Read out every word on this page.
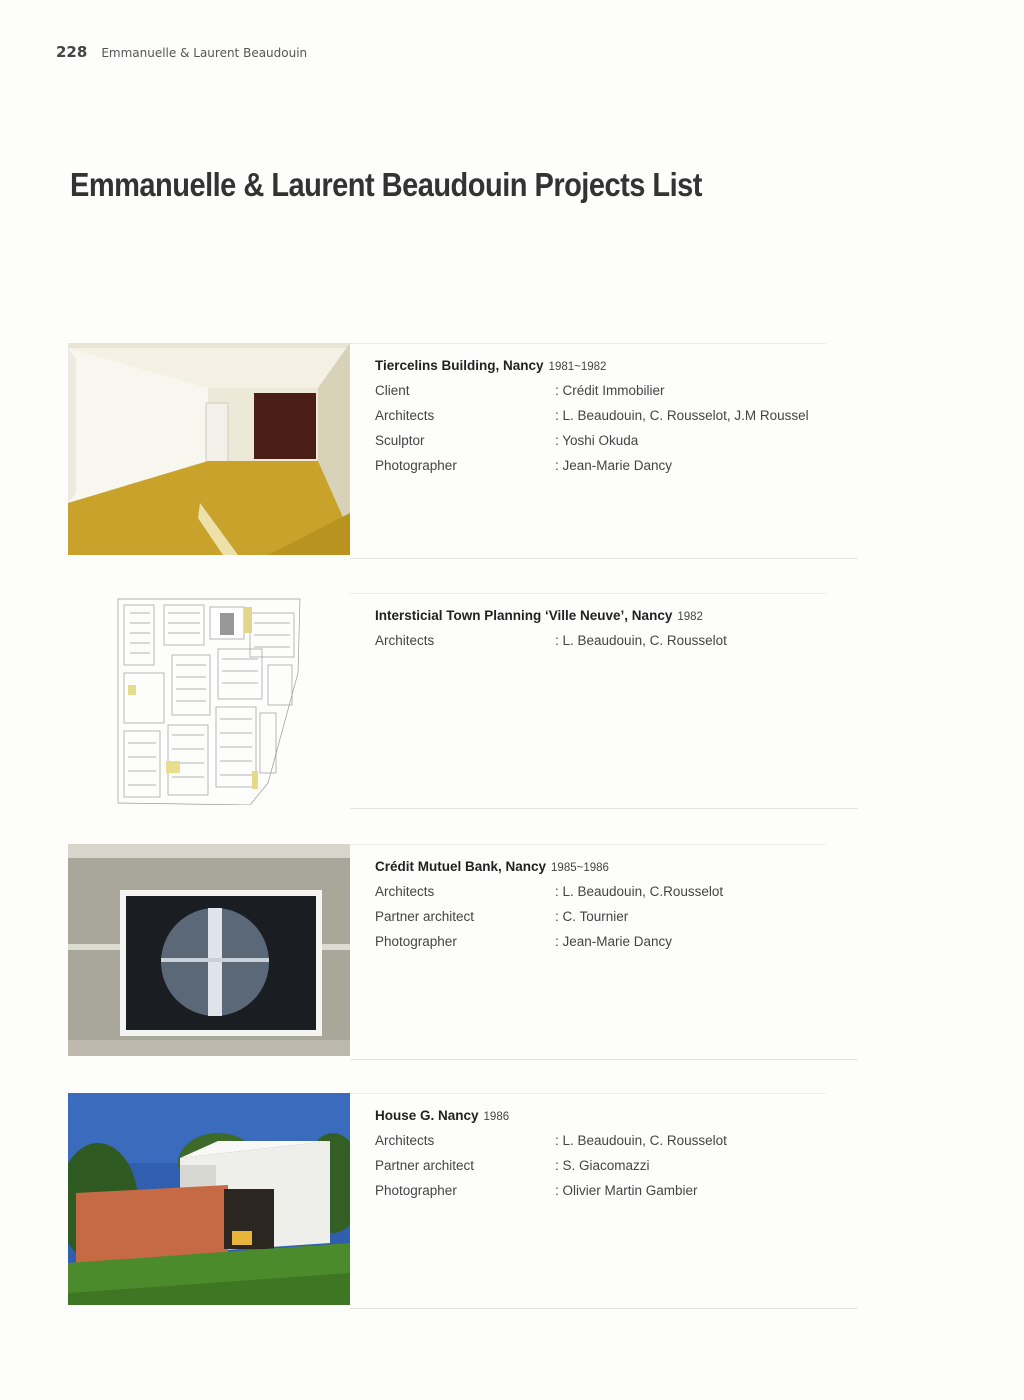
228 Emmanuelle & Laurent Beaudouin
Emmanuelle & Laurent Beaudouin Projects List
Tiercelins Building, Nancy 1981~1982
Client	: Crédit Immobilier
Architects	: L. Beaudouin, C. Rousselot, J.M Roussel
Sculptor	: Yoshi Okuda
Photographer	: Jean-Marie Dancy
Intersticial Town Planning ‘Ville Neuve’, Nancy 1982
Architects	: L. Beaudouin, C. Rousselot
Crédit Mutuel Bank, Nancy 1985~1986
Architects	: L. Beaudouin, C.Rousselot
Partner architect	: C. Tournier
Photographer	: Jean-Marie Dancy
House G. Nancy 1986
Architects	: L. Beaudouin, C. Rousselot
Partner architect	: S. Giacomazzi
Photographer	: Olivier Martin Gambier
